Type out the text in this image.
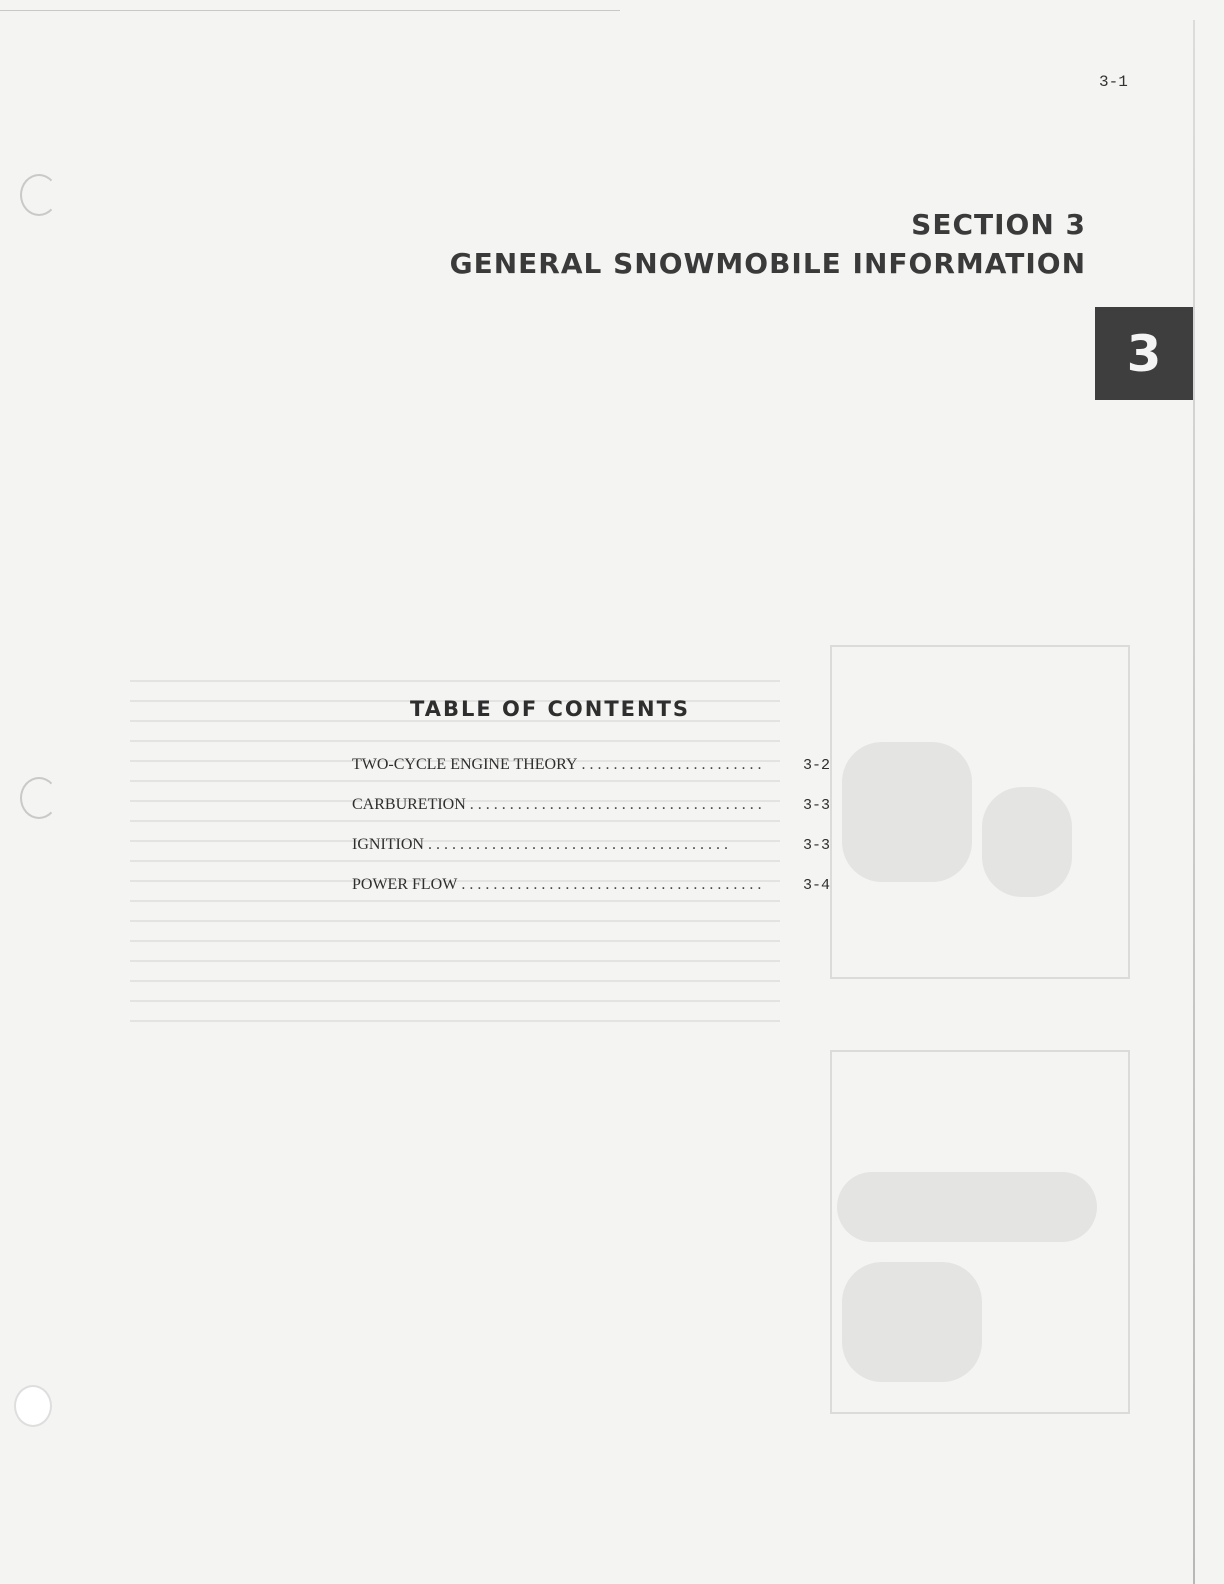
3-1
SECTION 3
GENERAL SNOWMOBILE INFORMATION
3
TABLE OF CONTENTS
TWO-CYCLE ENGINE THEORY . . .	3-2
CARBURETION . . .	3-3
IGNITION . . .	3-3
POWER FLOW . . .	3-4
